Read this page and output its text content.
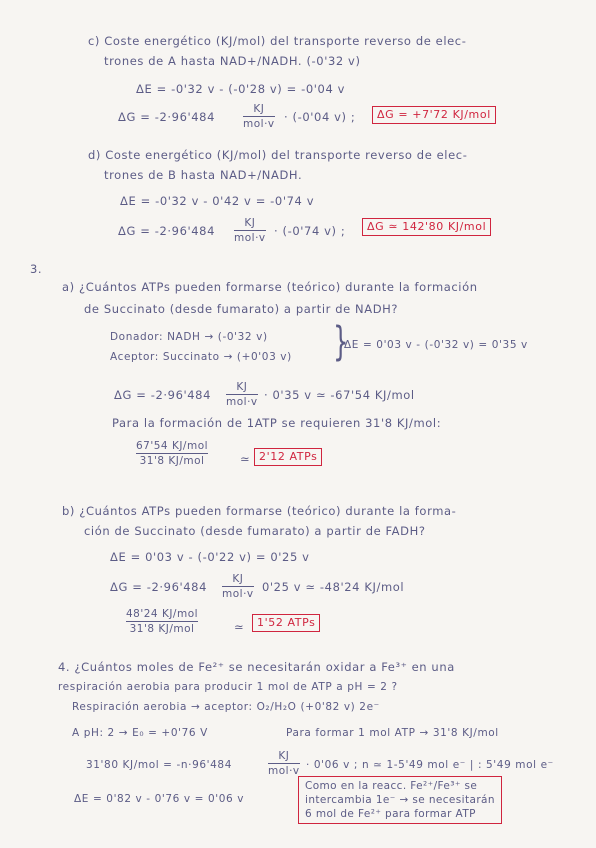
c) Coste energético (KJ/mol) del transporte reverso de elec-
trones de A hasta NAD+/NADH. (-0'32 v)
ΔE = -0'32 v - (-0'28 v) = -0'04 v
ΔG = -2·96'484
KJ
mol·v · (-0'04 v) ;	ΔG = +7'72 KJ/mol
d) Coste energético (KJ/mol) del transporte reverso de elec-
trones de B hasta NAD+/NADH.
ΔE = -0'32 v - 0'42 v = -0'74 v
ΔG = -2·96'484
KJ
mol·v · (-0'74 v) ;	ΔG ≃ 142'80 KJ/mol
3.
a) ¿Cuántos ATPs pueden formarse (teórico) durante la formación
de Succinato (desde fumarato) a partir de NADH?
Donador: NADH → (-0'32 v)
Aceptor: Succinato → (+0'03 v) }
ΔE = 0'03 v - (-0'32 v) = 0'35 v
ΔG = -2·96'484
KJ
mol·v · 0'35 v ≃ -67'54 KJ/mol
Para la formación de 1ATP se requieren 31'8 KJ/mol:
67'54 KJ/mol
31'8 KJ/mol	≃ 2'12 ATPs
b) ¿Cuántos ATPs pueden formarse (teórico) durante la forma-
ción de Succinato (desde fumarato) a partir de FADH?
ΔE = 0'03 v - (-0'22 v) = 0'25 v
ΔG = -2·96'484
KJ
mol·v 0'25 v ≃ -48'24 KJ/mol
48'24 KJ/mol
31'8 KJ/mol	≃	1'52 ATPs
4. ¿Cuántos moles de Fe²⁺ se necesitarán oxidar a Fe³⁺ en una
respiración aerobia para producir 1 mol de ATP a pH = 2 ?
Respiración aerobia → aceptor: O₂/H₂O (+0'82 v) 2e⁻
A pH: 2 → E₀ = +0'76 V	Para formar 1 mol ATP → 31'8 KJ/mol
31'80 KJ/mol = -n·96'484
KJ
mol·v · 0'06 v ; n ≃ 1-5'49 mol e⁻ | : 5'49 mol e⁻
ΔE = 0'82 v - 0'76 v = 0'06 v
Como en la reacc. Fe²⁺/Fe³⁺ se
intercambia 1e⁻ → se necesitarán
6 mol de Fe²⁺ para formar ATP
